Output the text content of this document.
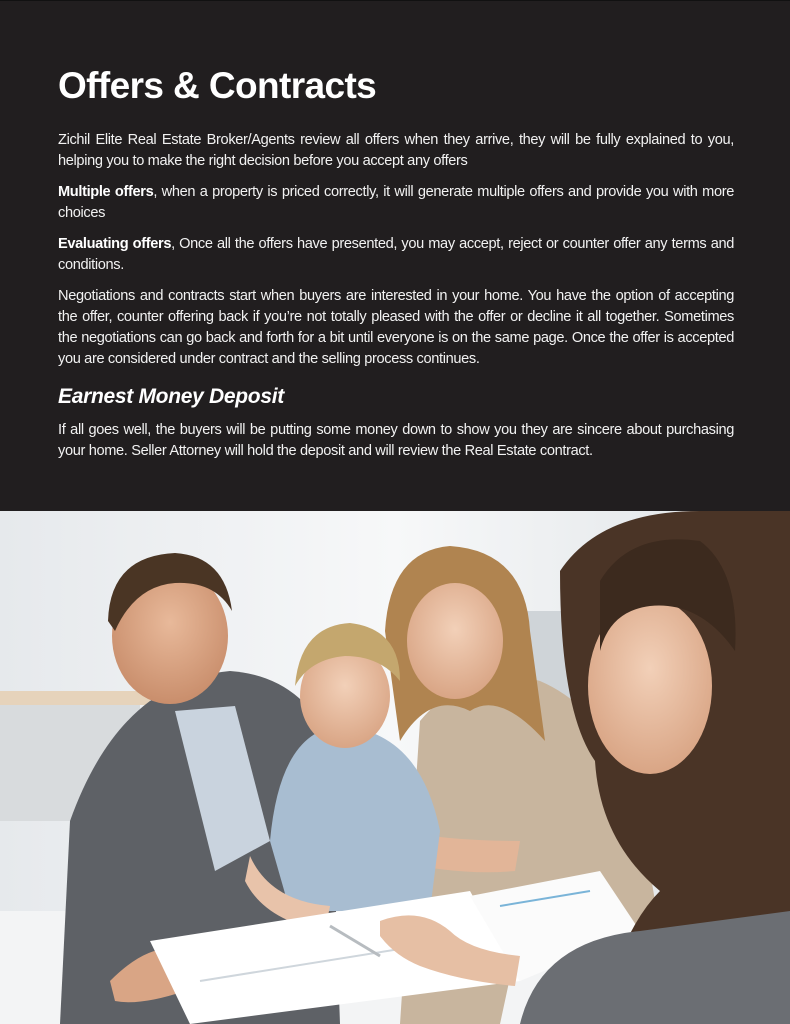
Offers & Contracts

Zichil Elite Real Estate Broker/Agents review all offers when they arrive, they will be fully explained to you, helping you to make the right decision before you accept any offers

Multiple offers, when a property is priced correctly, it will generate multiple offers and provide you with more choices

Evaluating offers, Once all the offers have presented, you may accept, reject or counter offer any terms and conditions.

Negotiations and contracts start when buyers are interested in your home. You have the option of accepting the offer, counter offering back if you’re not totally pleased with the offer or decline it all together. Sometimes the negotiations can go back and forth for a bit until everyone is on the same page. Once the offer is accepted you are considered under contract and the selling process continues.

Earnest Money Deposit

If all goes well, the buyers will be putting some money down to show you they are sincere about purchasing your home. Seller Attorney will hold the deposit and will review the Real Estate contract.
